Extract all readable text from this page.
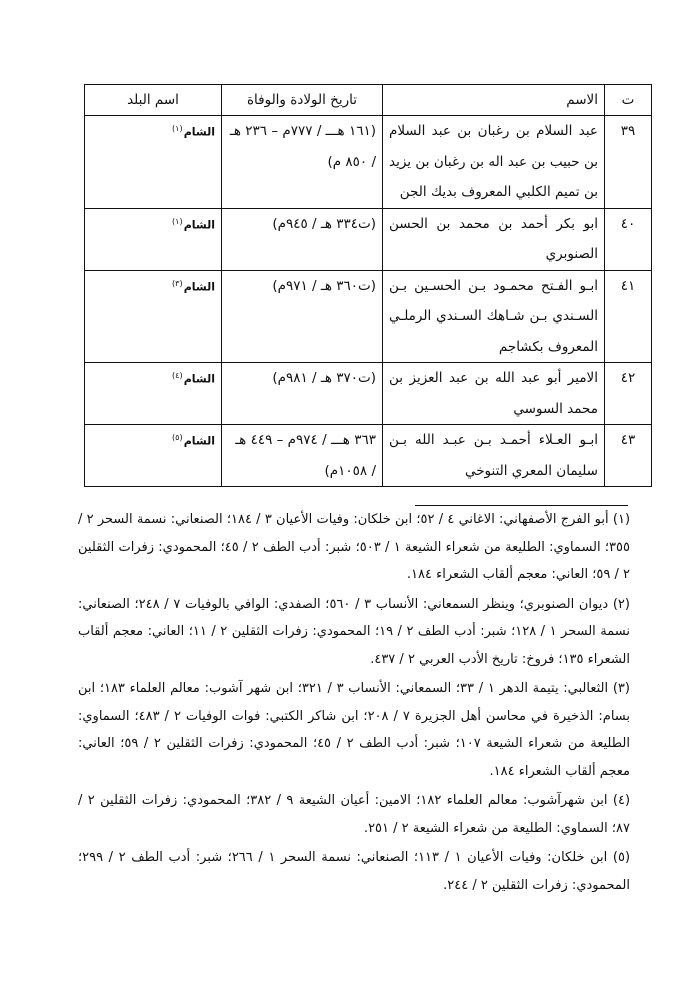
ت	الاسم	تاريخ الولادة والوفاة	اسم البلد
٣٩	عبد السلام بن رغبان بن عبد السلام بن حبيب بن عبد اله بن رغبان بن يزيد بن تميم الكلبي المعروف بديك الجن	(١٦١ هـــ / ٧٧٧م – ٢٣٦ هـ / ٨٥٠ م)	الشام $^{(١)}$

٤٠	ابو بكر أحمد بن محمد بن الحسن الصنوبري	(ت٣٣٤ هـ / ٩٤٥م)	الشام $^{(١)}$

٤١	ابـو الفـتح محمـود بـن الحسـين بـن السـندي بـن شـاهك السـندي الرملـي المعروف بكشاجم	(ت٣٦٠ هـ / ٩٧١م)	الشام $^{(٣)}$

٤٢	الامير أبو عبد الله بن عبد العزيز بن محمد السوسي	(ت٣٧٠ هـ / ٩٨١م)	الشام $^{(٤)}$

٤٣	ابـو العـلاء أحمـد بـن عبـد الله بـن سليمان المعري التنوخي	٣٦٣ هـــ / ٩٧٤م – ٤٤٩ هـ / ١٠٥٨م)	الشام $^{(٥)}$

(١) أبو الفرج الأصفهاني: الاغاني ٤ / ٥٢؛ ابن خلكان: وفيات الأعيان ٣ / ١٨٤؛ الصنعاني: نسمة السحر ٢ / ٣٥٥؛ السماوي: الطليعة من شعراء الشيعة ١ / ٥٠٣؛ شبر: أدب الطف ٢ / ٤٥؛ المحمودي: زفرات الثقلين ٢ / ٥٩؛ العاني: معجم ألقاب الشعراء ١٨٤.

(٢) ديوان الصنوبري؛ وينظر السمعاني: الأنساب ٣ / ٥٦٠؛ الصفدي: الوافي بالوفيات ٧ / ٢٤٨؛ الصنعاني: نسمة السحر ١ / ١٢٨؛ شبر: أدب الطف ٢ / ١٩؛ المحمودي: زفرات الثقلين ٢ / ١١؛ العاني: معجم ألقاب الشعراء ١٣٥؛ فروخ: تاريخ الأدب العربي ٢ / ٤٣٧.

(٣) الثعالبي: يتيمة الدهر ١ / ٣٣؛ السمعاني: الأنساب ٣ / ٣٢١؛ ابن شهر آشوب: معالم العلماء ١٨٣؛ ابن بسام: الذخيرة في محاسن أهل الجزيرة ٧ / ٢٠٨؛ ابن شاكر الكتبي: فوات الوفيات ٢ / ٤٨٣؛ السماوي: الطليعة من شعراء الشيعة ١٠٧؛ شبر: أدب الطف ٢ / ٤٥؛ المحمودي: زفرات الثقلين ٢ / ٥٩؛ العاني: معجم ألقاب الشعراء ١٨٤.

(٤) ابن شهرآشوب: معالم العلماء ١٨٢؛ الامين: أعيان الشيعة ٩ / ٣٨٢؛ المحمودي: زفرات الثقلين ٢ / ٨٧؛ السماوي: الطليعة من شعراء الشيعة ٢ / ٢٥١.

(٥) ابن خلكان: وفيات الأعيان ١ / ١١٣؛ الصنعاني: نسمة السحر ١ / ٢٦٦؛ شبر: أدب الطف ٢ / ٢٩٩؛ المحمودي: زفرات الثقلين ٢ / ٢٤٤.
